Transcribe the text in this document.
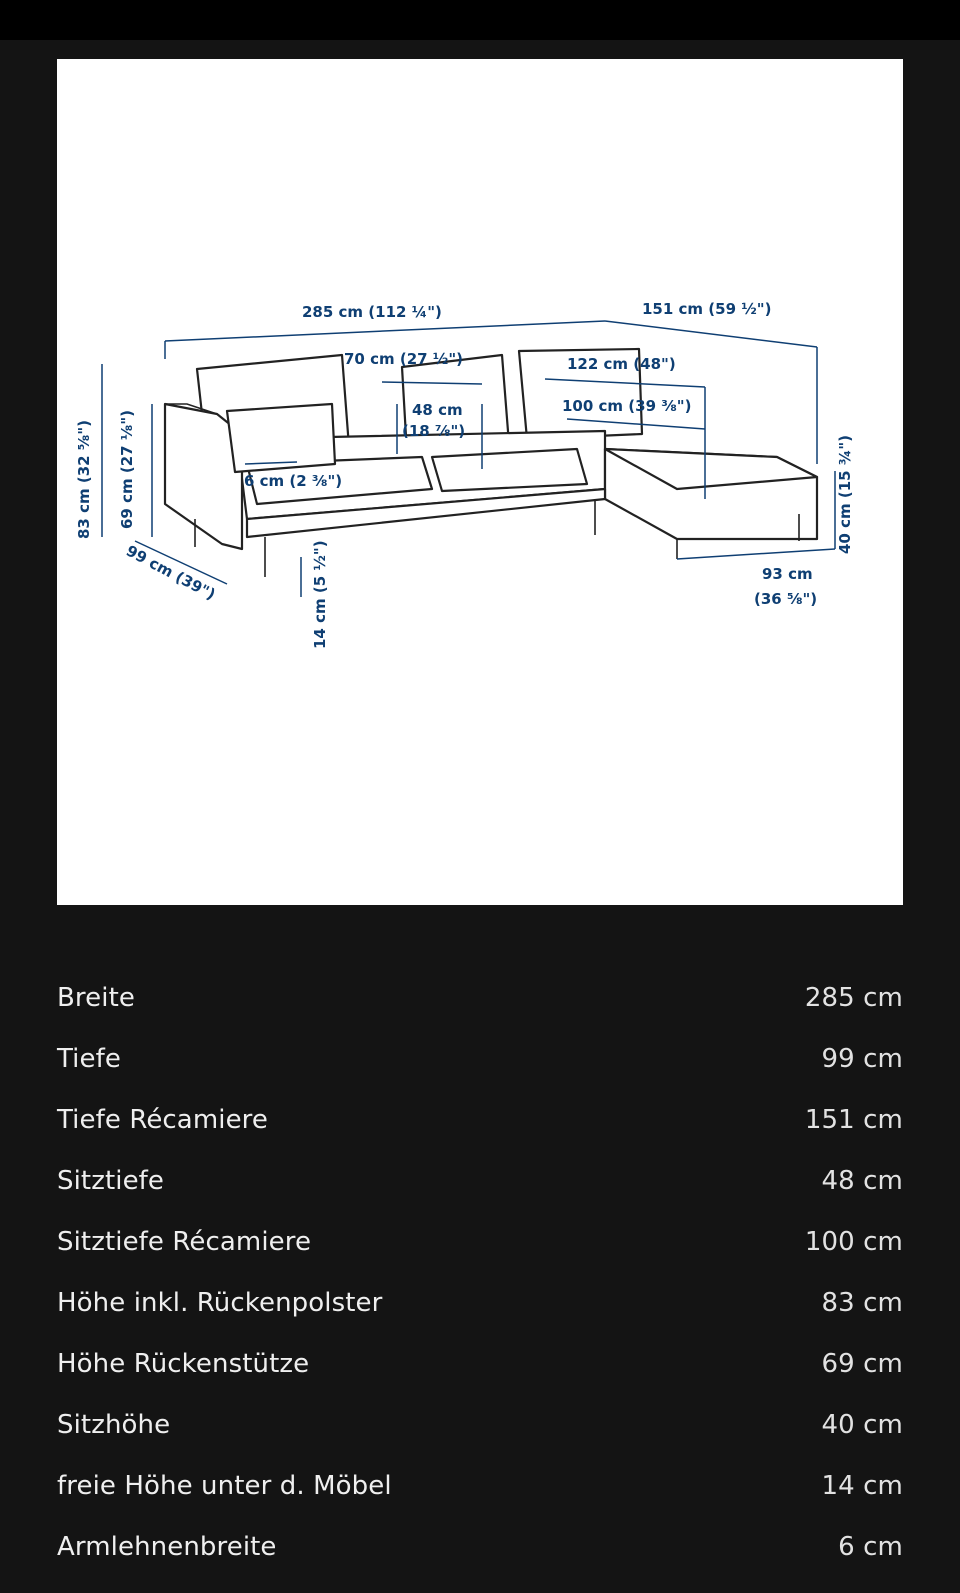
285 cm (112 ¼")	151 cm (59 ½")
70 cm (27 ½")
48 cm
(18 ⅞")
122 cm (48")
100 cm (39 ⅜")
6 cm (2 ⅜")	40 cm (15 ¾")
93 cm
(36 ⅝")
83 cm (32 ⅝") 69 cm (27 ⅛")
99 cm (39")	14 cm (5 ½")
Breite	285 cm
Tiefe	99 cm
Tiefe Récamiere	151 cm
Sitztiefe	48 cm
Sitztiefe Récamiere	100 cm
Höhe inkl. Rückenpolster	83 cm
Höhe Rückenstütze	69 cm
Sitzhöhe	40 cm
freie Höhe unter d. Möbel	14 cm
Armlehnenbreite	6 cm
